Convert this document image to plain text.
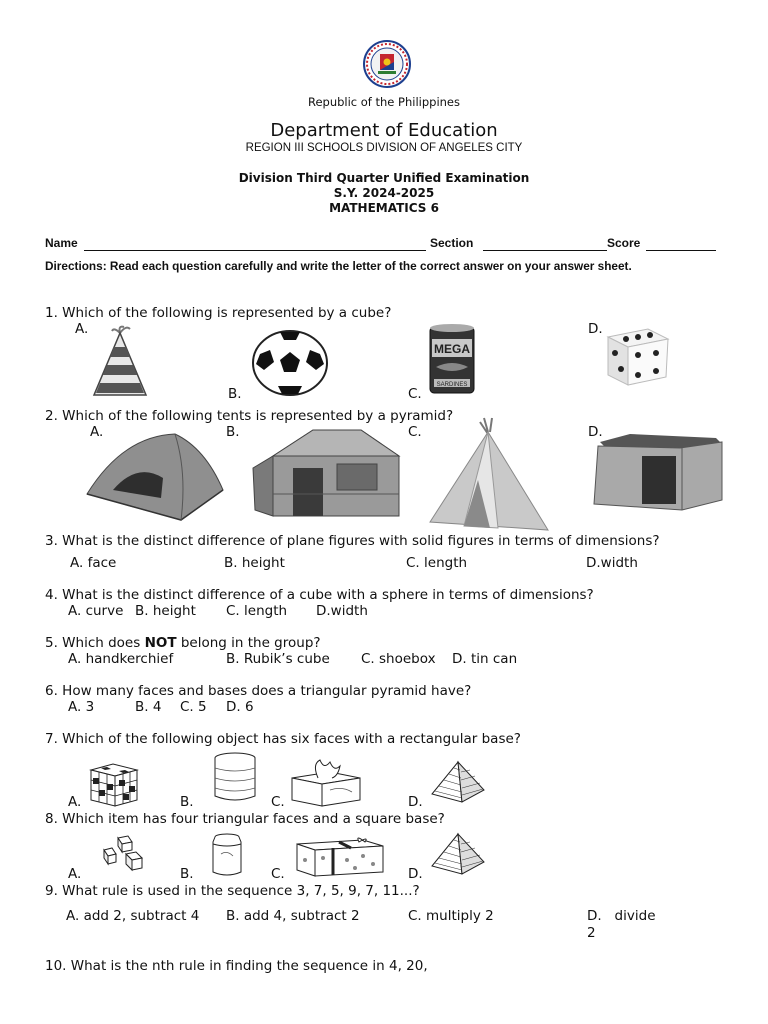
Republic of the Philippines
Department of Education
REGION III SCHOOLS DIVISION OF ANGELES CITY
Division Third Quarter Unified Examination
S.Y. 2024-2025
MATHEMATICS 6
Name	Section	Score
Directions: Read each question carefully and write the letter of the correct answer on your answer sheet.
1. Which of the following is represented by a cube?
A.
B.	C.
MEGA
SARDINES
D.
2. Which of the following tents is represented by a pyramid?
A.	B.	C.	D.
3. What is the distinct difference of plane figures with solid figures in terms of dimensions?
A. face	B. height	C. length	D.width
4. What is the distinct difference of a cube with a sphere in terms of dimensions?
A. curve B. height C. length D.width
5. Which does NOT belong in the group?
A. handkerchief	B. Rubik’s cube C. shoebox D. tin can
6. How many faces and bases does a triangular pyramid have?
A. 3	B. 4 C. 5 D. 6
7. Which of the following object has six faces with a rectangular base?
A.	B.	C.	D.
8. Which item has four triangular faces and a square base?
A.	B.	C.	D.
9. What rule is used in the sequence 3, 7, 5, 9, 7, 11...?
A. add 2, subtract 4 B. add 4, subtract 2	C. multiply 2	D.   divide
2
10. What is the nth rule in finding the sequence in 4, 20,
